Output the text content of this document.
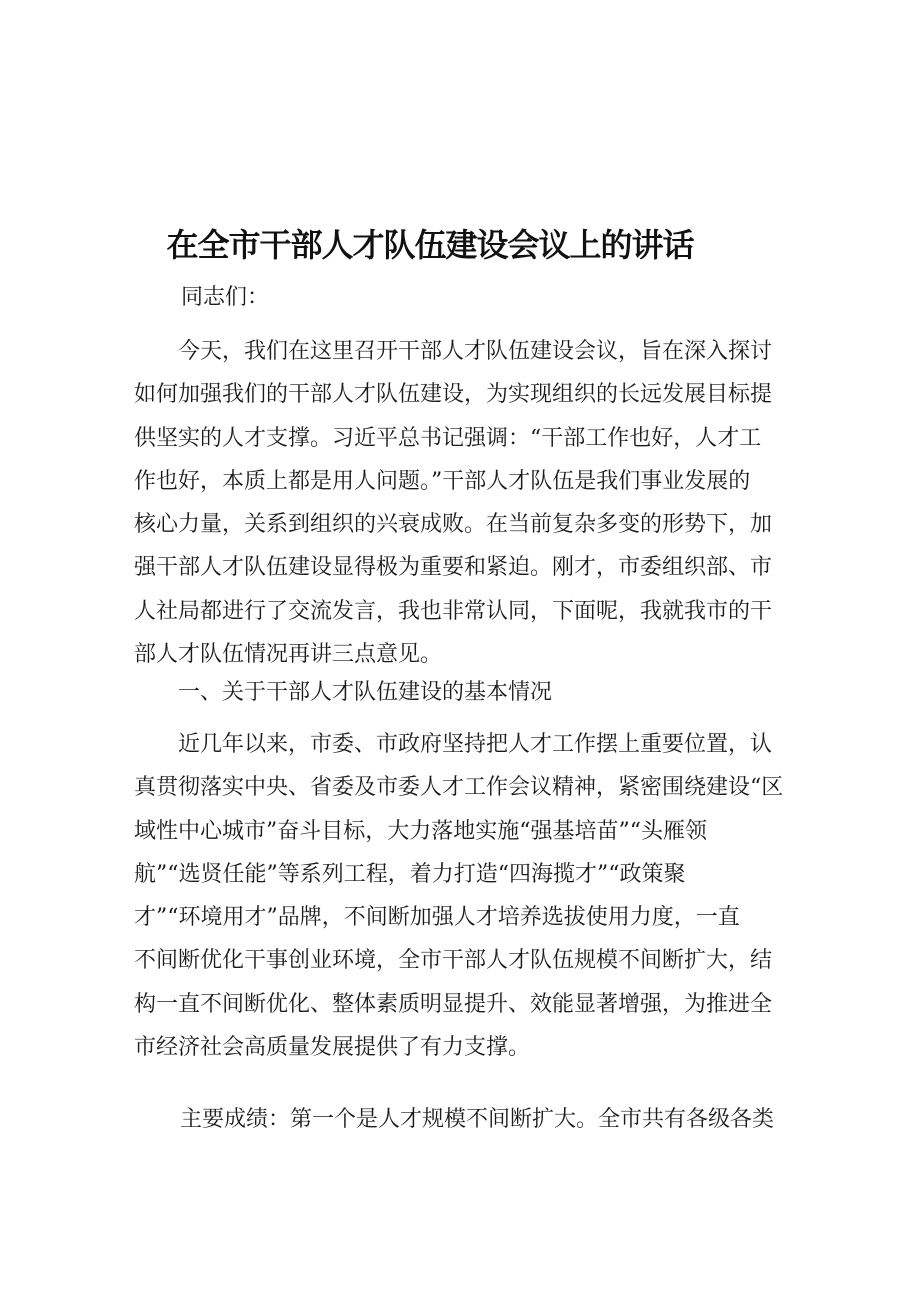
在全市干部人才队伍建设会议上的讲话
同志们：
今天，我们在这里召开干部人才队伍建设会议，旨在深入探讨
如何加强我们的干部人才队伍建设，为实现组织的长远发展目标提
供坚实的人才支撑。习近平总书记强调：“干部工作也好，人才工
作也好，本质上都是用人问题。”干部人才队伍是我们事业发展的
核心力量，关系到组织的兴衰成败。在当前复杂多变的形势下，加
强干部人才队伍建设显得极为重要和紧迫。刚才，市委组织部、市
人社局都进行了交流发言，我也非常认同，下面呢，我就我市的干
部人才队伍情况再讲三点意见。
一、关于干部人才队伍建设的基本情况
近几年以来，市委、市政府坚持把人才工作摆上重要位置，认
真贯彻落实中央、省委及市委人才工作会议精神，紧密围绕建设“区
域性中心城市”奋斗目标，大力落地实施“强基培苗”“头雁领
航”“选贤任能”等系列工程，着力打造“四海揽才”“政策聚
才”“环境用才”品牌，不间断加强人才培养选拔使用力度，一直
不间断优化干事创业环境，全市干部人才队伍规模不间断扩大，结
构一直不间断优化、整体素质明显提升、效能显著增强，为推进全
市经济社会高质量发展提供了有力支撑。
主要成绩：第一个是人才规模不间断扩大。全市共有各级各类
